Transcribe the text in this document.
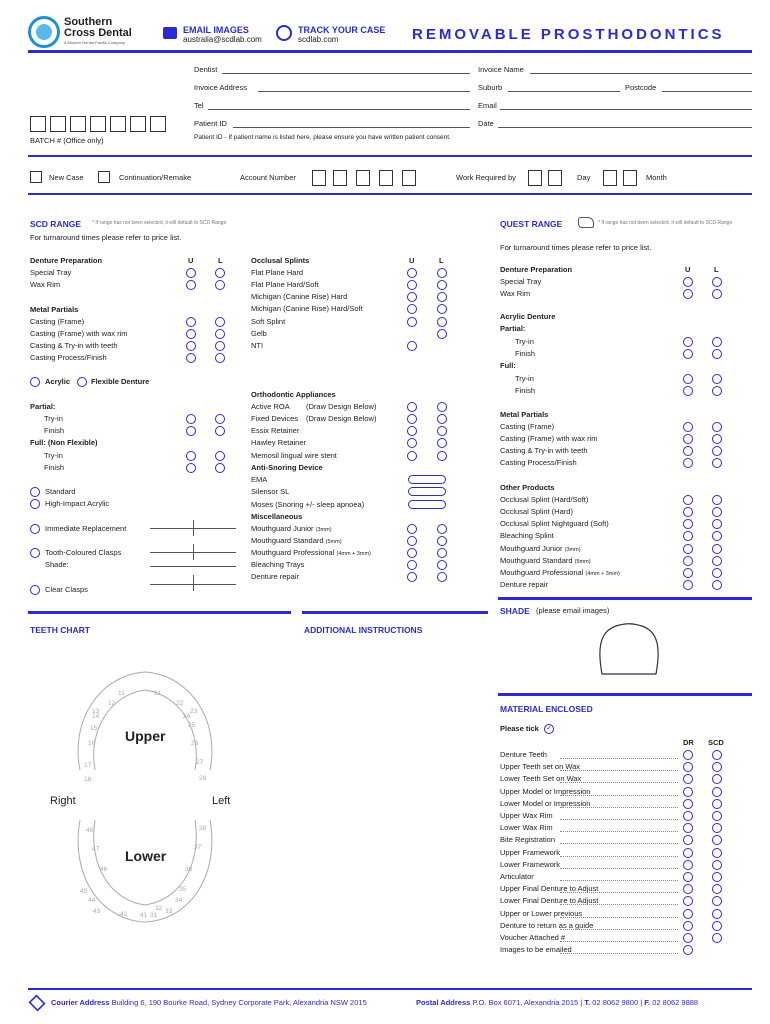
Southern
Cross Dental
A Modern Dental Pacific Company
EMAIL IMAGES
australia@scdlab.com
TRACK YOUR CASE
scdlab.com	REMOVABLE PROSTHODONTICS
Dentist
Invoice Address
Tel
Patient ID
Patient ID - If patient name is listed here, please ensure you have written patient consent.
Invoice Name
Suburb	Postcode
Email
Date
BATCH # (Office only)
New Case	Continuation/Remake	Account Number	Work Required by	Day	Month
SCD RANGE * If range has not been selected, it will default to SCD Range
For turnaround times please refer to price list.
Denture Preparation	U	L
Special Tray
Wax Rim
Metal Partials
Casting (Frame)
Casting (Frame) with wax rim
Casting & Try-in with teeth
Casting Process/Finish
Acrylic	Flexible Denture
Partial:
Try-in
Finish
Full: (Non Flexible)
Try-in
Finish
Standard
High-Impact Acrylic
Immediate Replacement
Tooth-Coloured Clasps
Shade:
Clear Clasps
Occlusal Splints	U	L
Flat Plane Hard
Flat Plane Hard/Soft
Michigan (Canine Rise) Hard
Michigan (Canine Rise) Hard/Soft
Soft Splint
Gelb
NTI
Orthodontic Appliances
Active ROA (Draw Design Below)
Fixed Devices (Draw Design Below)
Essix Retainer
Hawley Retainer
Memosil lingual wire stent
Anti-Snoring Device
EMA
Silensor SL
Moses (Snoring +/- sleep apnoea)
Miscellaneous
Mouthguard Junior (3mm)
Mouthguard Standard (5mm)
Mouthguard Professional (4mm + 3mm)
Bleaching Trays
Denture repair
QUEST RANGE	* If range has not been selected, it will default to SCD Range
For turnaround times please refer to price list.
Denture Preparation	U	L
Special Tray
Wax Rim
Acrylic Denture
Partial:
Try-in
Finish
Full:
Try-in
Finish
Metal Partials
Casting (Frame)
Casting (Frame) with wax rim
Casting & Try-in with teeth
Casting Process/Finish
Other Products
Occlusal Splint (Hard/Soft)
Occlusal Splint (Hard)
Occlusal Splint Nightguard (Soft)
Bleaching Splint
Mouthguard Junior (3mm)
Mouthguard Standard (5mm)
Mouthguard Professional (4mm + 3mm)
Denture repair
SHADE (please email images)
TEETH CHART
Upper
Lower
Right	Left
11	21
12	22
13	23
14	24
15	25
16	26
17	27
18	28
48	38
47	37
46	36
45	35
44	34
43	33
42
32
41 31
ADDITIONAL INSTRUCTIONS
MATERIAL ENCLOSED
Please tick ✓
DR SCD
Denture Teeth
Upper Teeth set on Wax
Lower Teeth Set on Wax
Upper Model or Impression
Lower Model or Impression
Upper Wax Rim
Lower Wax Rim
Bite Registration
Upper Framework
Lower Framework
Articulator
Upper Final Denture to Adjust
Lower Final Denture to Adjust
Upper or Lower previous
Denture to return as a guide
Voucher Attached #
Images to be emailed
Courier Address Building 6, 190 Bourke Road, Sydney Corporate Park, Alexandria NSW 2015	Postal Address P.O. Box 6071, Alexandria 2015 | T. 02 8062 9800 | F. 02 8062 9888
